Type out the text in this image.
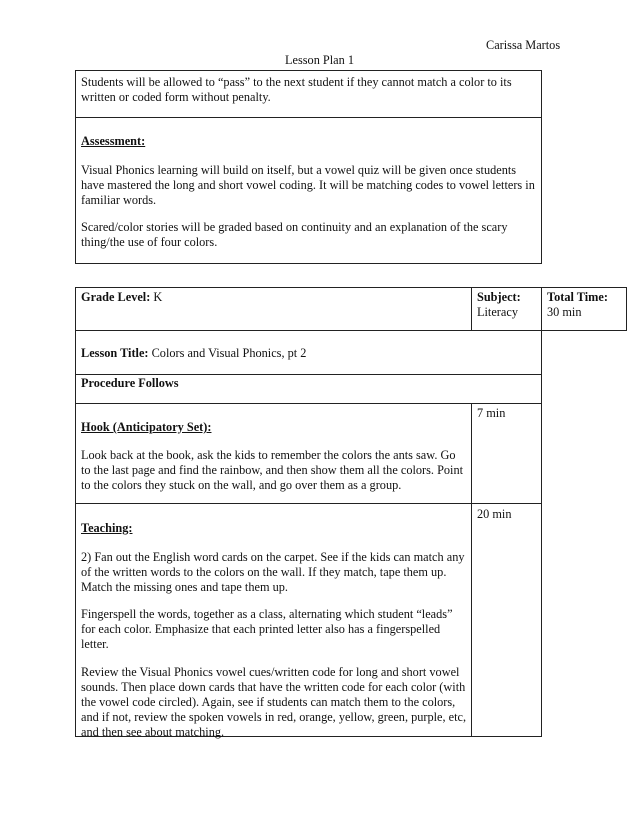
Carissa Martos
Lesson Plan 1
Students will be allowed to “pass” to the next student if they cannot match a color to its written or coded form without penalty.
Assessment:
Visual Phonics learning will build on itself, but a vowel quiz will be given once students have mastered the long and short vowel coding. It will be matching codes to vowel letters in familiar words.
Scared/color stories will be graded based on continuity and an explanation of the scary thing/the use of four colors.
Grade Level: K	Subject:
Literacy
Total Time:
30 min
Lesson Title: Colors and Visual Phonics, pt 2
Procedure Follows
Hook (Anticipatory Set):
Look back at the book, ask the kids to remember the colors the ants saw. Go to the last page and find the rainbow, and then show them all the colors. Point to the colors they stuck on the wall, and go over them as a group.
7 min
Teaching:
2) Fan out the English word cards on the carpet. See if the kids can match any of the written words to the colors on the wall. If they match, tape them up. Match the missing ones and tape them up.
Fingerspell the words, together as a class, alternating which student “leads” for each color. Emphasize that each printed letter also has a fingerspelled letter.
Review the Visual Phonics vowel cues/written code for long and short vowel sounds. Then place down cards that have the written code for each color (with the vowel code circled). Again, see if students can match them to the colors, and if not, review the spoken vowels in red, orange, yellow, green, purple, etc, and then see about matching.
20 min
